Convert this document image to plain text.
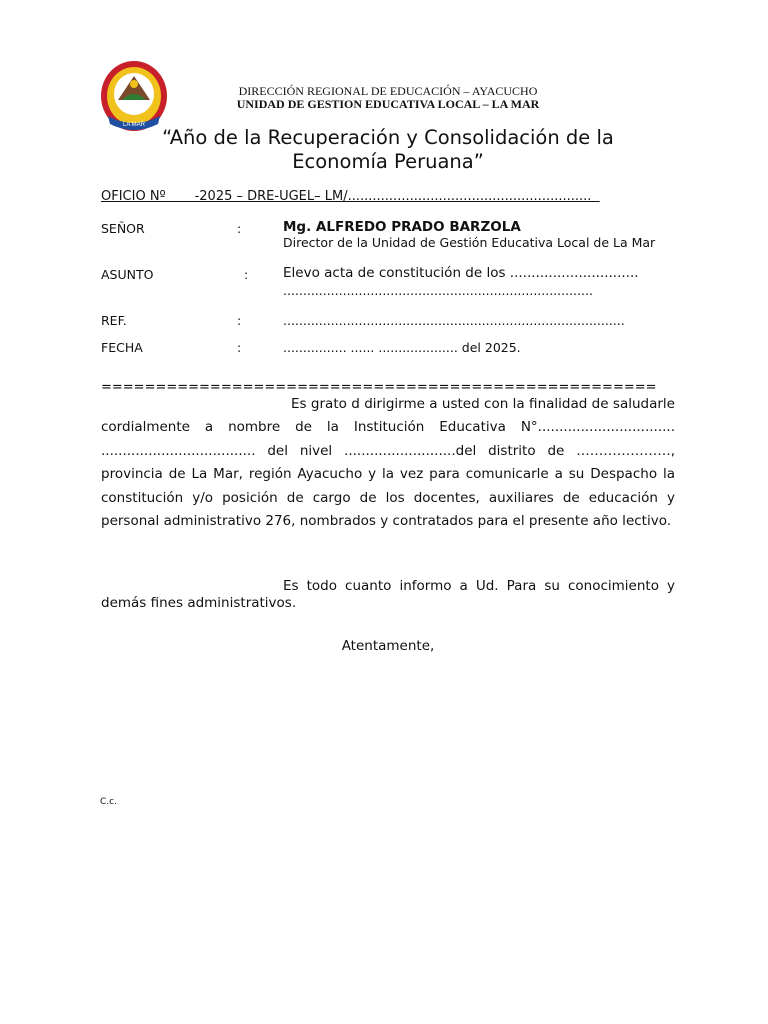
LA MAR
DIRECCIÓN REGIONAL DE EDUCACIÓN – AYACUCHO
UNIDAD DE GESTION EDUCATIVA LOCAL – LA MAR
“Año de la Recuperación y Consolidación de la Economía Peruana”
OFICIO Nº       -2025 – DRE-UGEL– LM/...........................................................
SEÑOR	:	Mg. ALFREDO PRADO BARZOLA
Director de la Unidad de Gestión Educativa Local de La Mar
ASUNTO	:	Elevo acta de constitución de los ..............................
..............................................................................
REF.	:	......................................................................................
FECHA	:	................ ...... .................... del 2025.
===================================================
Es grato d dirigirme a usted con la finalidad de saludarle cordialmente a nombre de la Institución Educativa N°................................ .................................... del nivel ..........................del distrito de …………………, provincia de La Mar, región Ayacucho y la vez para comunicarle a su Despacho la constitución y/o posición de cargo de los docentes, auxiliares de educación y personal administrativo 276, nombrados y contratados para el presente año lectivo.
Es todo cuanto informo a Ud. Para su conocimiento y demás fines administrativos.
Atentamente,
C.c.
